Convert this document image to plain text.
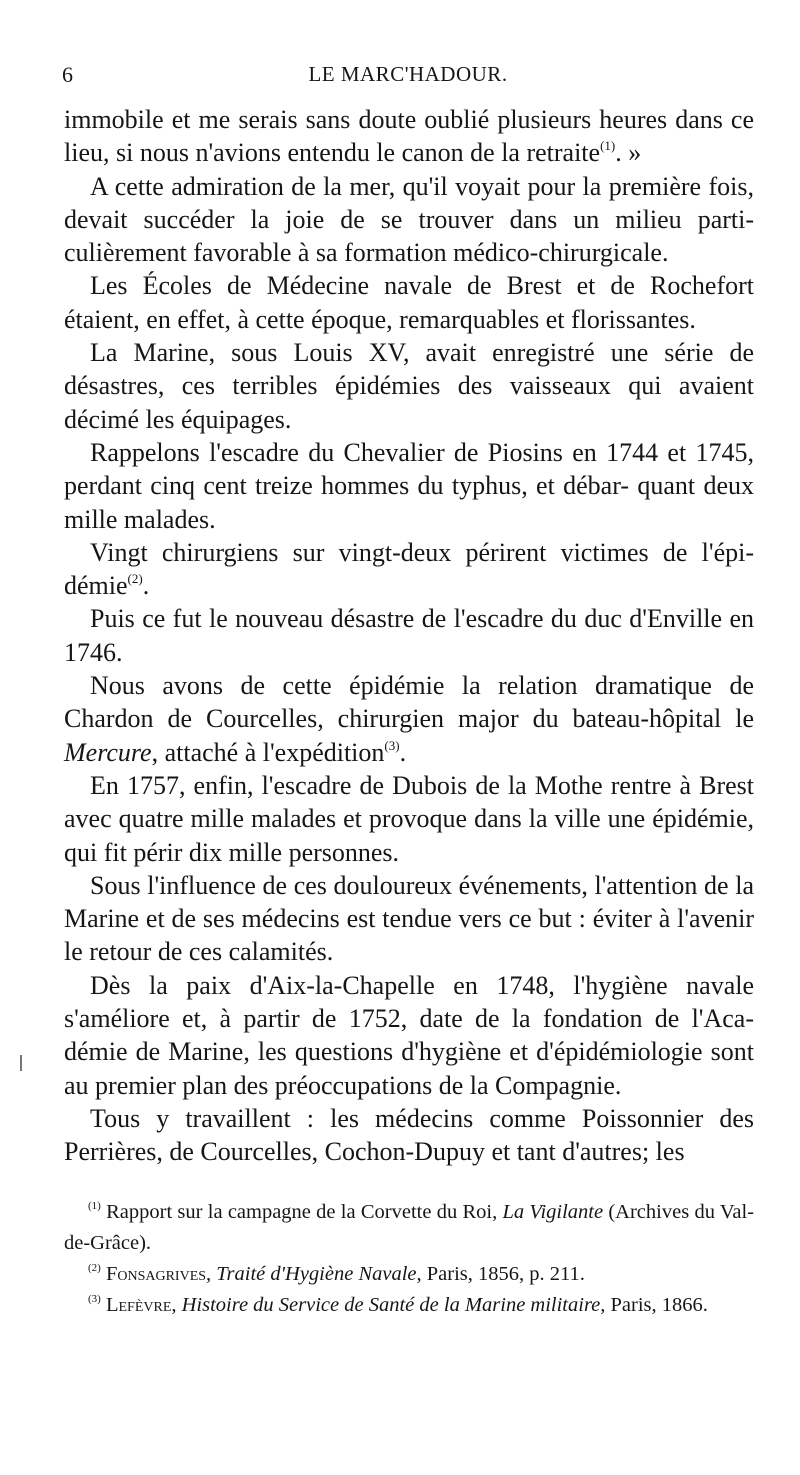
6	LE MARC'HADOUR.

immobile et me serais sans doute oublié plusieurs heures dans ce lieu, si nous n'avions entendu le canon de la retraite$^{(1)}$. »

A cette admiration de la mer, qu'il voyait pour la première fois, devait succéder la joie de se trouver dans un milieu parti- culièrement favorable à sa formation médico-chirurgicale.

Les Écoles de Médecine navale de Brest et de Rochefort étaient, en effet, à cette époque, remarquables et florissantes.

La Marine, sous Louis XV, avait enregistré une série de désastres, ces terribles épidémies des vaisseaux qui avaient décimé les équipages.

Rappelons l'escadre du Chevalier de Piosins en 1744 et 1745, perdant cinq cent treize hommes du typhus, et débar- quant deux mille malades.

Vingt chirurgiens sur vingt-deux périrent victimes de l'épi- démie$^{(2)}$.

Puis ce fut le nouveau désastre de l'escadre du duc d'Enville en 1746.

Nous avons de cette épidémie la relation dramatique de Chardon de Courcelles, chirurgien major du bateau-hôpital le Mercure, attaché à l'expédition$^{(3)}$.

En 1757, enfin, l'escadre de Dubois de la Mothe rentre à Brest avec quatre mille malades et provoque dans la ville une épidémie, qui fit périr dix mille personnes.

Sous l'influence de ces douloureux événements, l'attention de la Marine et de ses médecins est tendue vers ce but : éviter à l'avenir le retour de ces calamités.

Dès la paix d'Aix-la-Chapelle en 1748, l'hygiène navale s'améliore et, à partir de 1752, date de la fondation de l'Aca- démie de Marine, les questions d'hygiène et d'épidémiologie sont au premier plan des préoccupations de la Compagnie.

Tous y travaillent : les médecins comme Poissonnier des Perrières, de Courcelles, Cochon-Dupuy et tant d'autres; les

$^{(1)}$ Rapport sur la campagne de la Corvette du Roi, La Vigilante (Archives du Val-de-Grâce).

$^{(2)}$ Fonsagrives, Traité d'Hygiène Navale, Paris, 1856, p. 211.

$^{(3)}$ Lefèvre, Histoire du Service de Santé de la Marine militaire, Paris, 1866.
